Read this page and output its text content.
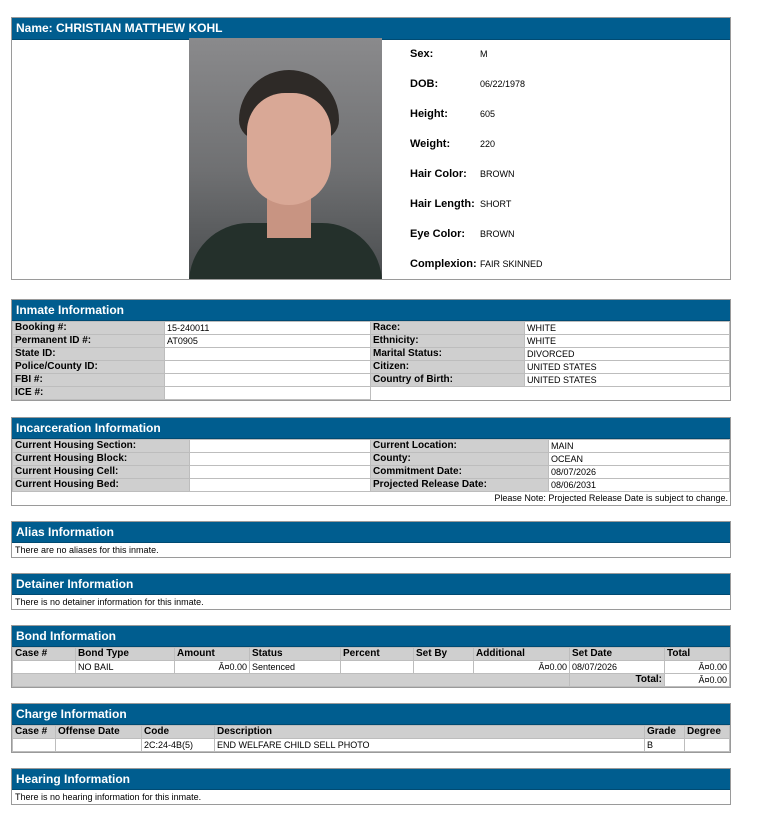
Name: CHRISTIAN MATTHEW KOHL
Sex:	M
DOB:	06/22/1978
Height:	605
Weight:	220
Hair Color: BROWN
Hair Length: SHORT
Eye Color: BROWN
Complexion: FAIR SKINNED
Inmate Information
Booking #:	15-240011	Race:	WHITE
Permanent ID #:	AT0905	Ethnicity:	WHITE
State ID:		Marital Status:	DIVORCED
Police/County ID:		Citizen:	UNITED STATES
FBI #:		Country of Birth:	UNITED STATES
ICE #:			
Incarceration Information
Current Housing Section:		Current Location:	MAIN
Current Housing Block:		County:	OCEAN
Current Housing Cell:		Commitment Date:	08/07/2026
Current Housing Bed:		Projected Release Date:	08/06/2031
Please Note: Projected Release Date is subject to change.
Alias Information
There are no aliases for this inmate.
Detainer Information
There is no detainer information for this inmate.
Bond Information
Case #	Bond Type	Amount	Status	Percent	Set By	Additional	Set Date	Total
	NO BAIL	Â¤0.00	Sentenced			Â¤0.00	08/07/2026	Â¤0.00
							Total:	Â¤0.00
Charge Information
Case #	Offense Date	Code	Description	Grade	Degree
		2C:24-4B(5)	END WELFARE CHILD SELL PHOTO	B	
Hearing Information
There is no hearing information for this inmate.
